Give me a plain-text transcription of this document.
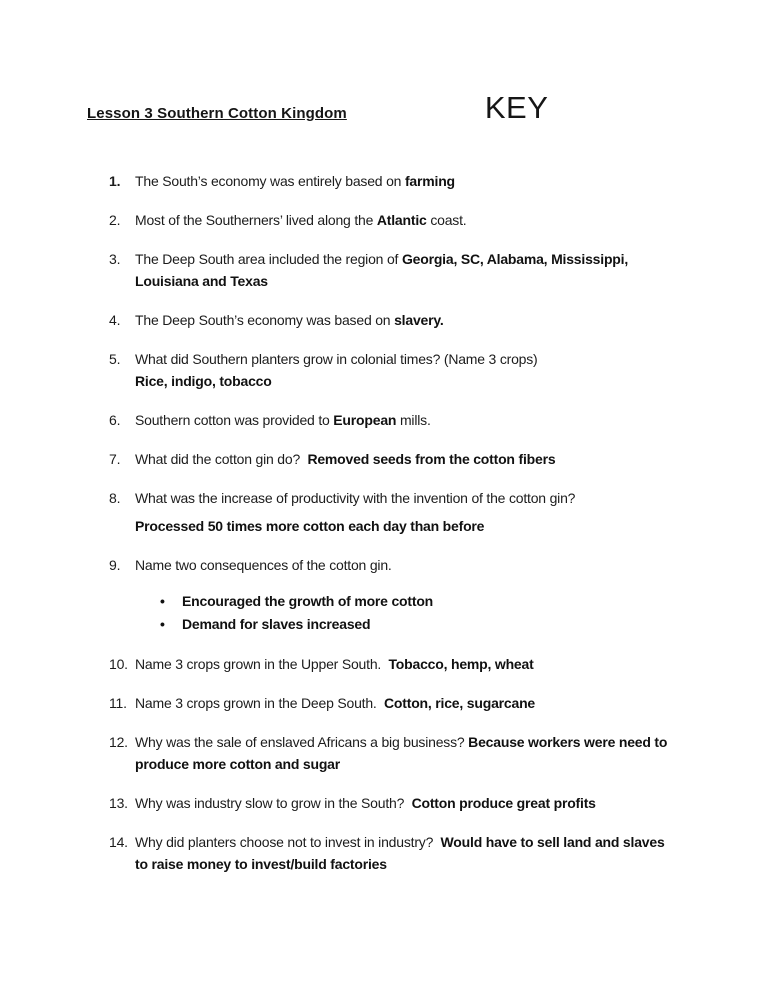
Lesson 3 Southern Cotton Kingdom	KEY
1.	The South’s economy was entirely based on farming
2.	Most of the Southerners’ lived along the Atlantic coast.
3.	The Deep South area included the region of Georgia, SC, Alabama, Mississippi,
Louisiana and Texas
4.	The Deep South’s economy was based on slavery.
5.	What did Southern planters grow in colonial times? (Name 3 crops)
Rice, indigo, tobacco
6.	Southern cotton was provided to European mills.
7.	What did the cotton gin do?  Removed seeds from the cotton fibers
8.	What was the increase of productivity with the invention of the cotton gin?
Processed 50 times more cotton each day than before
9.	Name two consequences of the cotton gin.
• Encouraged the growth of more cotton
• Demand for slaves increased
10. Name 3 crops grown in the Upper South.  Tobacco, hemp, wheat
11. Name 3 crops grown in the Deep South.  Cotton, rice, sugarcane
12. Why was the sale of enslaved Africans a big business? Because workers were need to
produce more cotton and sugar
13. Why was industry slow to grow in the South?  Cotton produce great profits
14. Why did planters choose not to invest in industry?  Would have to sell land and slaves
to raise money to invest/build factories
